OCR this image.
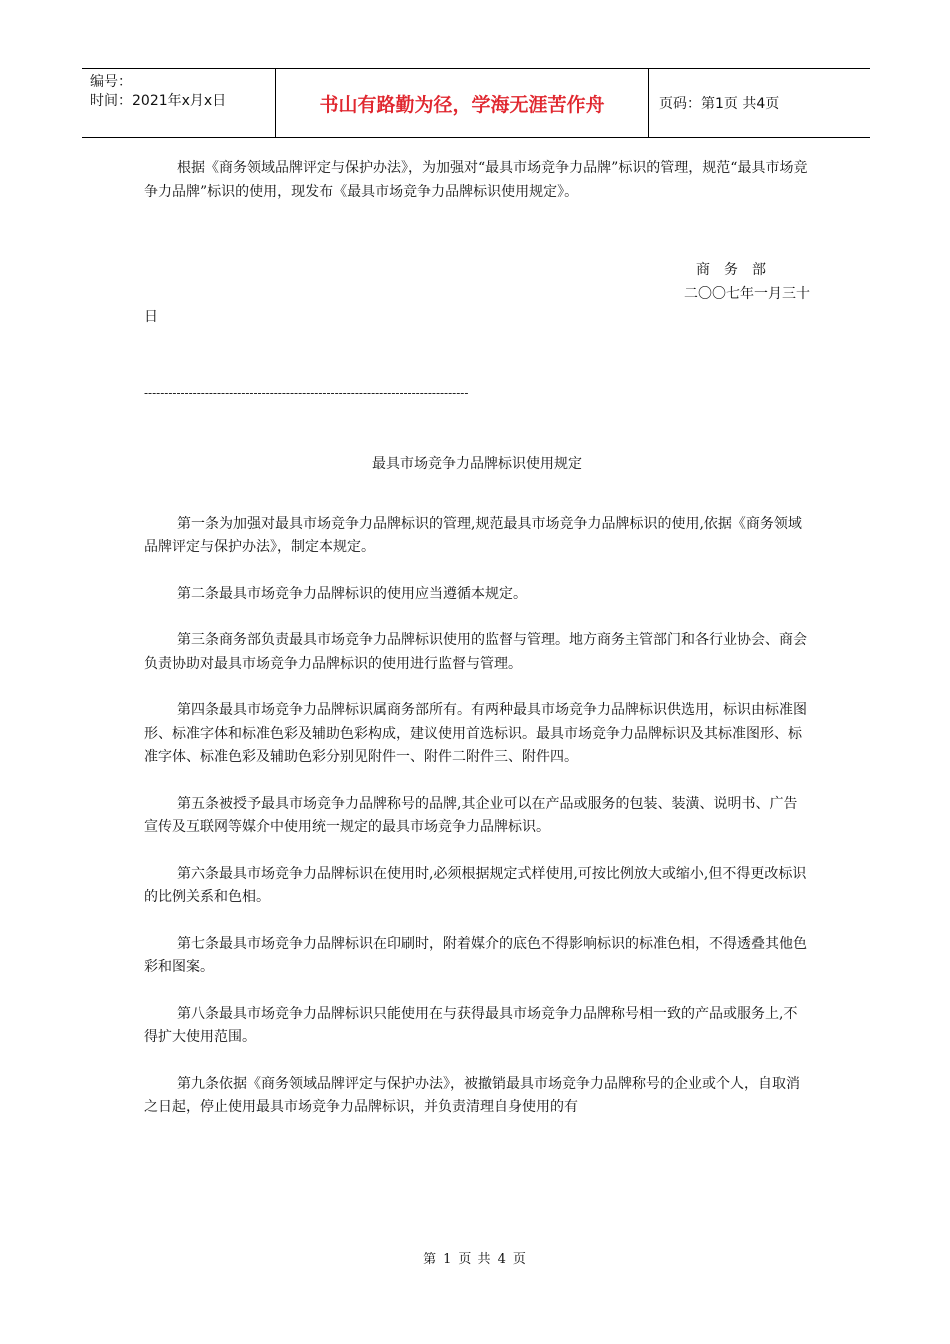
编号：
时间：2021年x月x日	书山有路勤为径，学海无涯苦作舟	页码：第1页 共4页

根据《商务领域品牌评定与保护办法》，为加强对“最具市场竞争力品牌”标识的管理，规范“最具市场竞争力品牌”标识的使用，现发布《最具市场竞争力品牌标识使用规定》。

商务部

二〇〇七年一月三十

日

--------------------------------------------------------------------------------

最具市场竞争力品牌标识使用规定

第一条为加强对最具市场竞争力品牌标识的管理,规范最具市场竞争力品牌标识的使用,依据《商务领域品牌评定与保护办法》，制定本规定。

第二条最具市场竞争力品牌标识的使用应当遵循本规定。

第三条商务部负责最具市场竞争力品牌标识使用的监督与管理。地方商务主管部门和各行业协会、商会负责协助对最具市场竞争力品牌标识的使用进行监督与管理。

第四条最具市场竞争力品牌标识属商务部所有。有两种最具市场竞争力品牌标识供选用，标识由标准图形、标准字体和标准色彩及辅助色彩构成，建议使用首选标识。最具市场竞争力品牌标识及其标准图形、标准字体、标准色彩及辅助色彩分别见附件一、附件二附件三、附件四。

第五条被授予最具市场竞争力品牌称号的品牌,其企业可以在产品或服务的包装、装潢、说明书、广告宣传及互联网等媒介中使用统一规定的最具市场竞争力品牌标识。

第六条最具市场竞争力品牌标识在使用时,必须根据规定式样使用,可按比例放大或缩小,但不得更改标识的比例关系和色相。

第七条最具市场竞争力品牌标识在印刷时，附着媒介的底色不得影响标识的标准色相，不得透叠其他色彩和图案。

第八条最具市场竞争力品牌标识只能使用在与获得最具市场竞争力品牌称号相一致的产品或服务上,不得扩大使用范围。

第九条依据《商务领域品牌评定与保护办法》，被撤销最具市场竞争力品牌称号的企业或个人，自取消之日起，停止使用最具市场竞争力品牌标识，并负责清理自身使用的有

第 1 页 共 4 页
